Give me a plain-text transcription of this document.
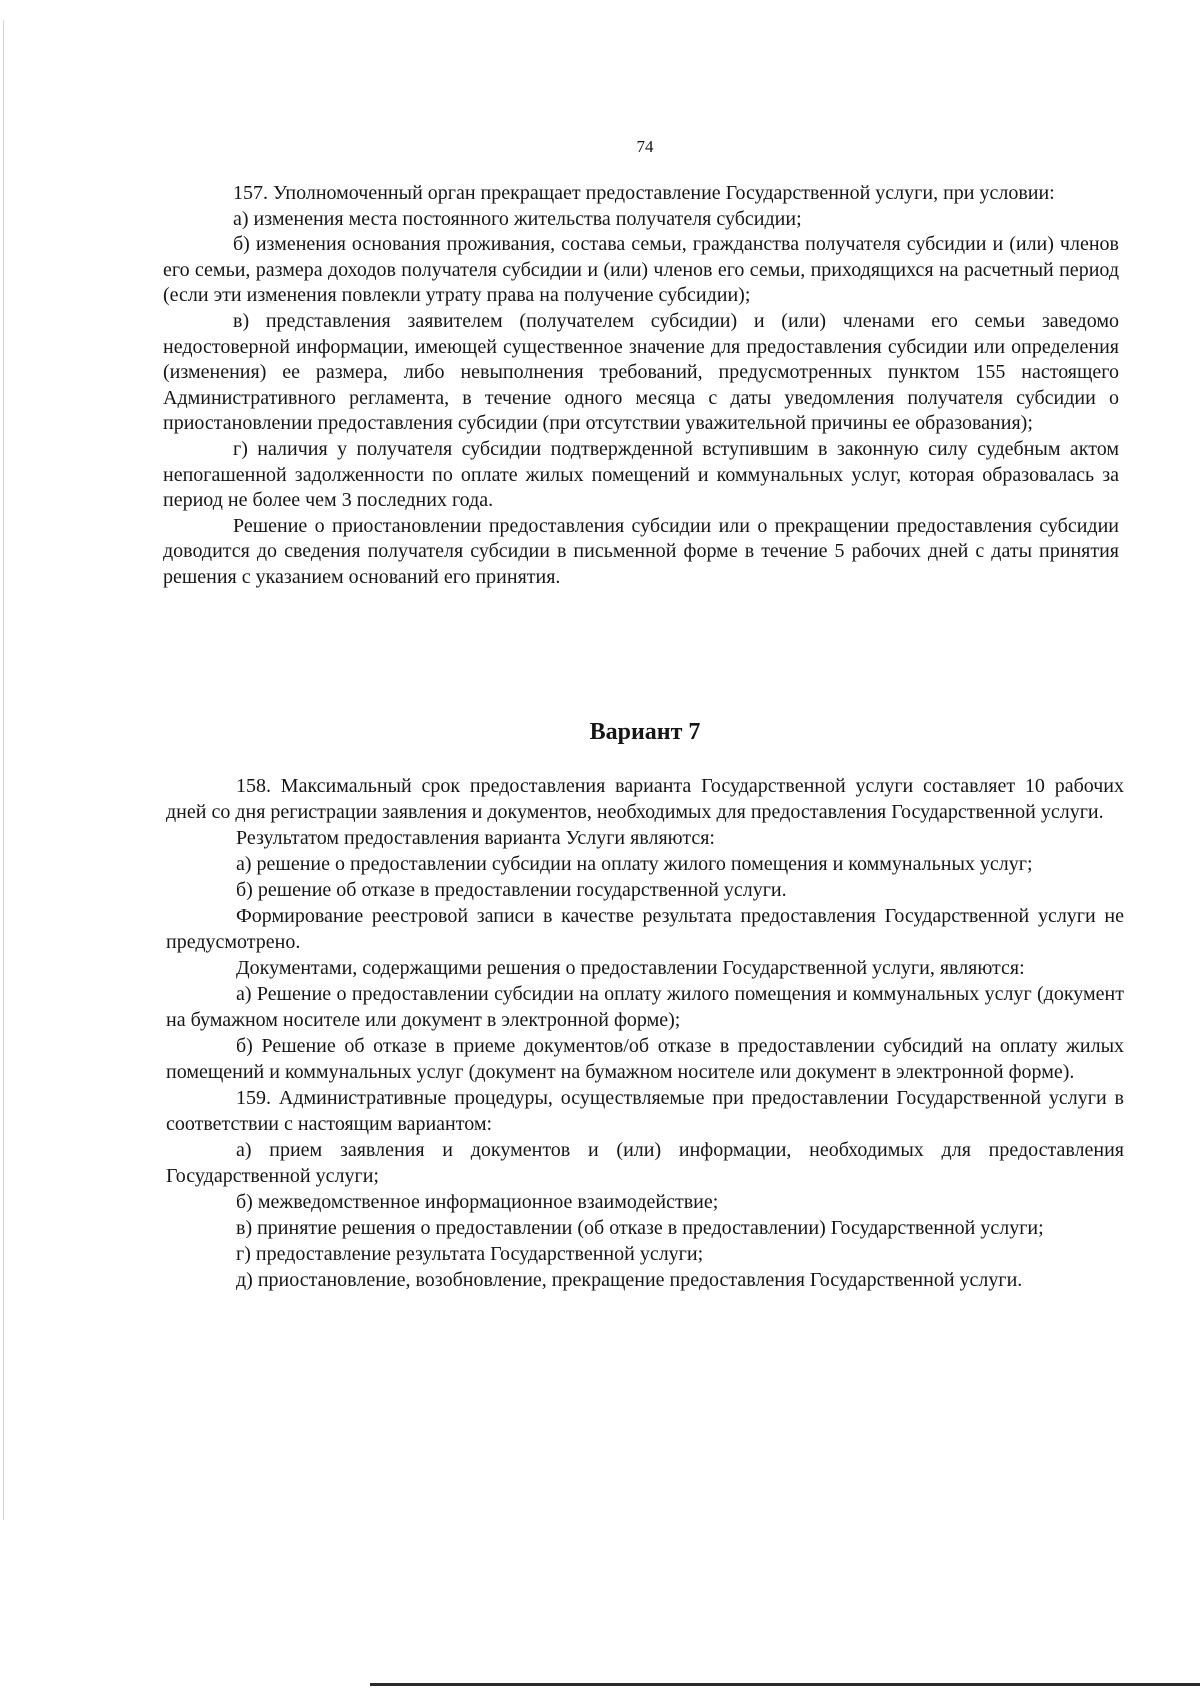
74

157. Уполномоченный орган прекращает предоставление Государственной услуги, при условии:

а) изменения места постоянного жительства получателя субсидии;

б) изменения основания проживания, состава семьи, гражданства получателя субсидии и (или) членов его семьи, размера доходов получателя субсидии и (или) членов его семьи, приходящихся на расчетный период (если эти изменения повлекли утрату права на получение субсидии);

в) представления заявителем (получателем субсидии) и (или) членами его семьи заведомо недостоверной информации, имеющей существенное значение для предоставления субсидии или определения (изменения) ее размера, либо невыполнения требований, предусмотренных пунктом 155 настоящего Административного регламента, в течение одного месяца с даты уведомления получателя субсидии о приостановлении предоставления субсидии (при отсутствии уважительной причины ее образования);

г) наличия у получателя субсидии подтвержденной вступившим в законную силу судебным актом непогашенной задолженности по оплате жилых помещений и коммунальных услуг, которая образовалась за период не более чем 3 последних года.

Решение о приостановлении предоставления субсидии или о прекращении предоставления субсидии доводится до сведения получателя субсидии в письменной форме в течение 5 рабочих дней с даты принятия решения с указанием оснований его принятия.

Вариант 7

158. Максимальный срок предоставления варианта Государственной услуги составляет 10 рабочих дней со дня регистрации заявления и документов, необходимых для предоставления Государственной услуги.

Результатом предоставления варианта Услуги являются:

а) решение о предоставлении субсидии на оплату жилого помещения и коммунальных услуг;

б) решение об отказе в предоставлении государственной услуги.

Формирование реестровой записи в качестве результата предоставления Государственной услуги не предусмотрено.

Документами, содержащими решения о предоставлении Государственной услуги, являются:

а) Решение о предоставлении субсидии на оплату жилого помещения и коммунальных услуг (документ на бумажном носителе или документ в электронной форме);

б) Решение об отказе в приеме документов/об отказе в предоставлении субсидий на оплату жилых помещений и коммунальных услуг (документ на бумажном носителе или документ в электронной форме).

159. Административные процедуры, осуществляемые при предоставлении Государственной услуги в соответствии с настоящим вариантом:

а) прием заявления и документов и (или) информации, необходимых для предоставления Государственной услуги;

б) межведомственное информационное взаимодействие;

в) принятие решения о предоставлении (об отказе в предоставлении) Государственной услуги;

г) предоставление результата Государственной услуги;

д) приостановление, возобновление, прекращение предоставления Государственной услуги.
